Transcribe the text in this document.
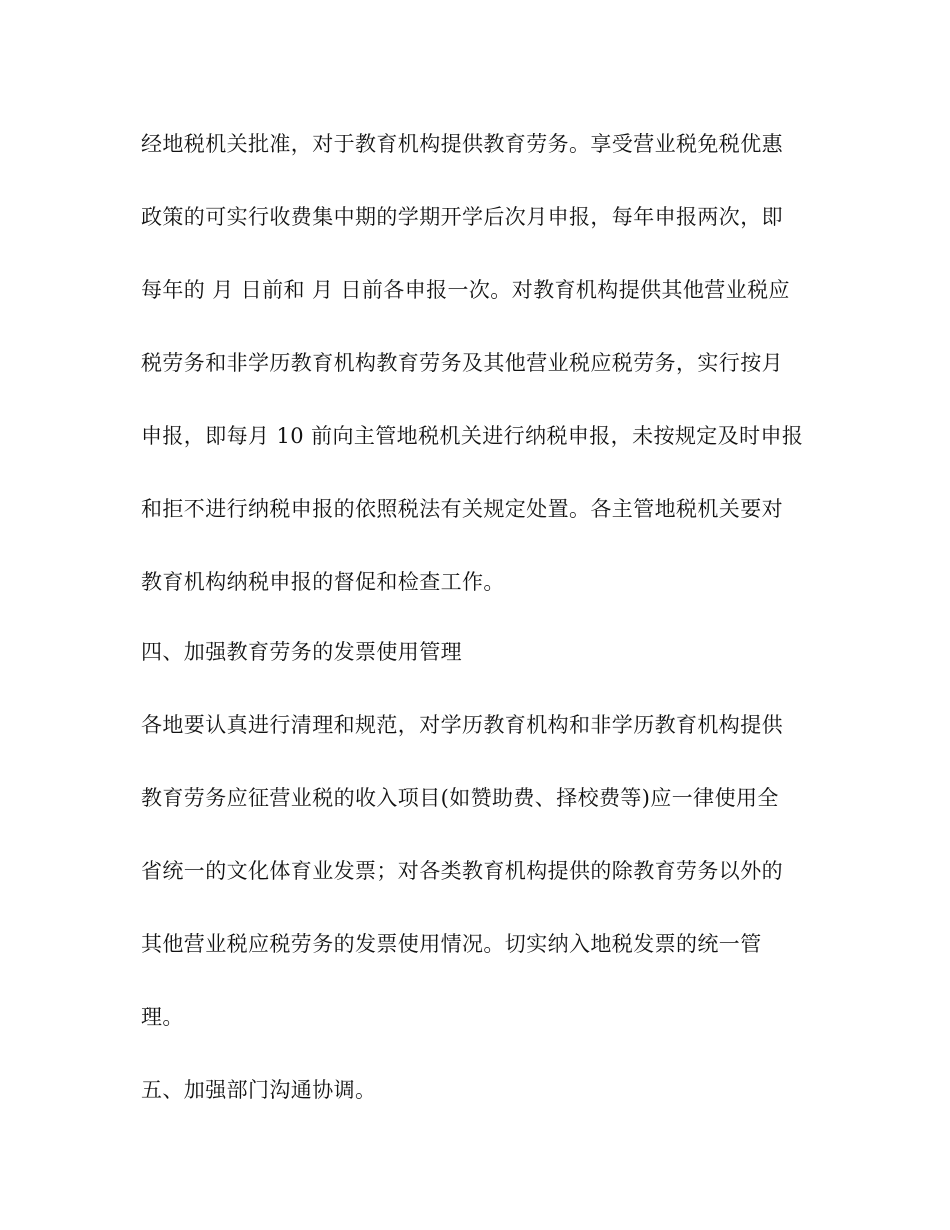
经地税机关批准，对于教育机构提供教育劳务。享受营业税免税优惠
政策的可实行收费集中期的学期开学后次月申报，每年申报两次，即
每年的 月 日前和 月 日前各申报一次。对教育机构提供其他营业税应
税劳务和非学历教育机构教育劳务及其他营业税应税劳务，实行按月
申报，即每月 10 前向主管地税机关进行纳税申报，未按规定及时申报
和拒不进行纳税申报的依照税法有关规定处置。各主管地税机关要对
教育机构纳税申报的督促和检查工作。
四、加强教育劳务的发票使用管理
各地要认真进行清理和规范，对学历教育机构和非学历教育机构提供
教育劳务应征营业税的收入项目(如赞助费、择校费等)应一律使用全
省统一的文化体育业发票；对各类教育机构提供的除教育劳务以外的
其他营业税应税劳务的发票使用情况。切实纳入地税发票的统一管
理。
五、加强部门沟通协调。
